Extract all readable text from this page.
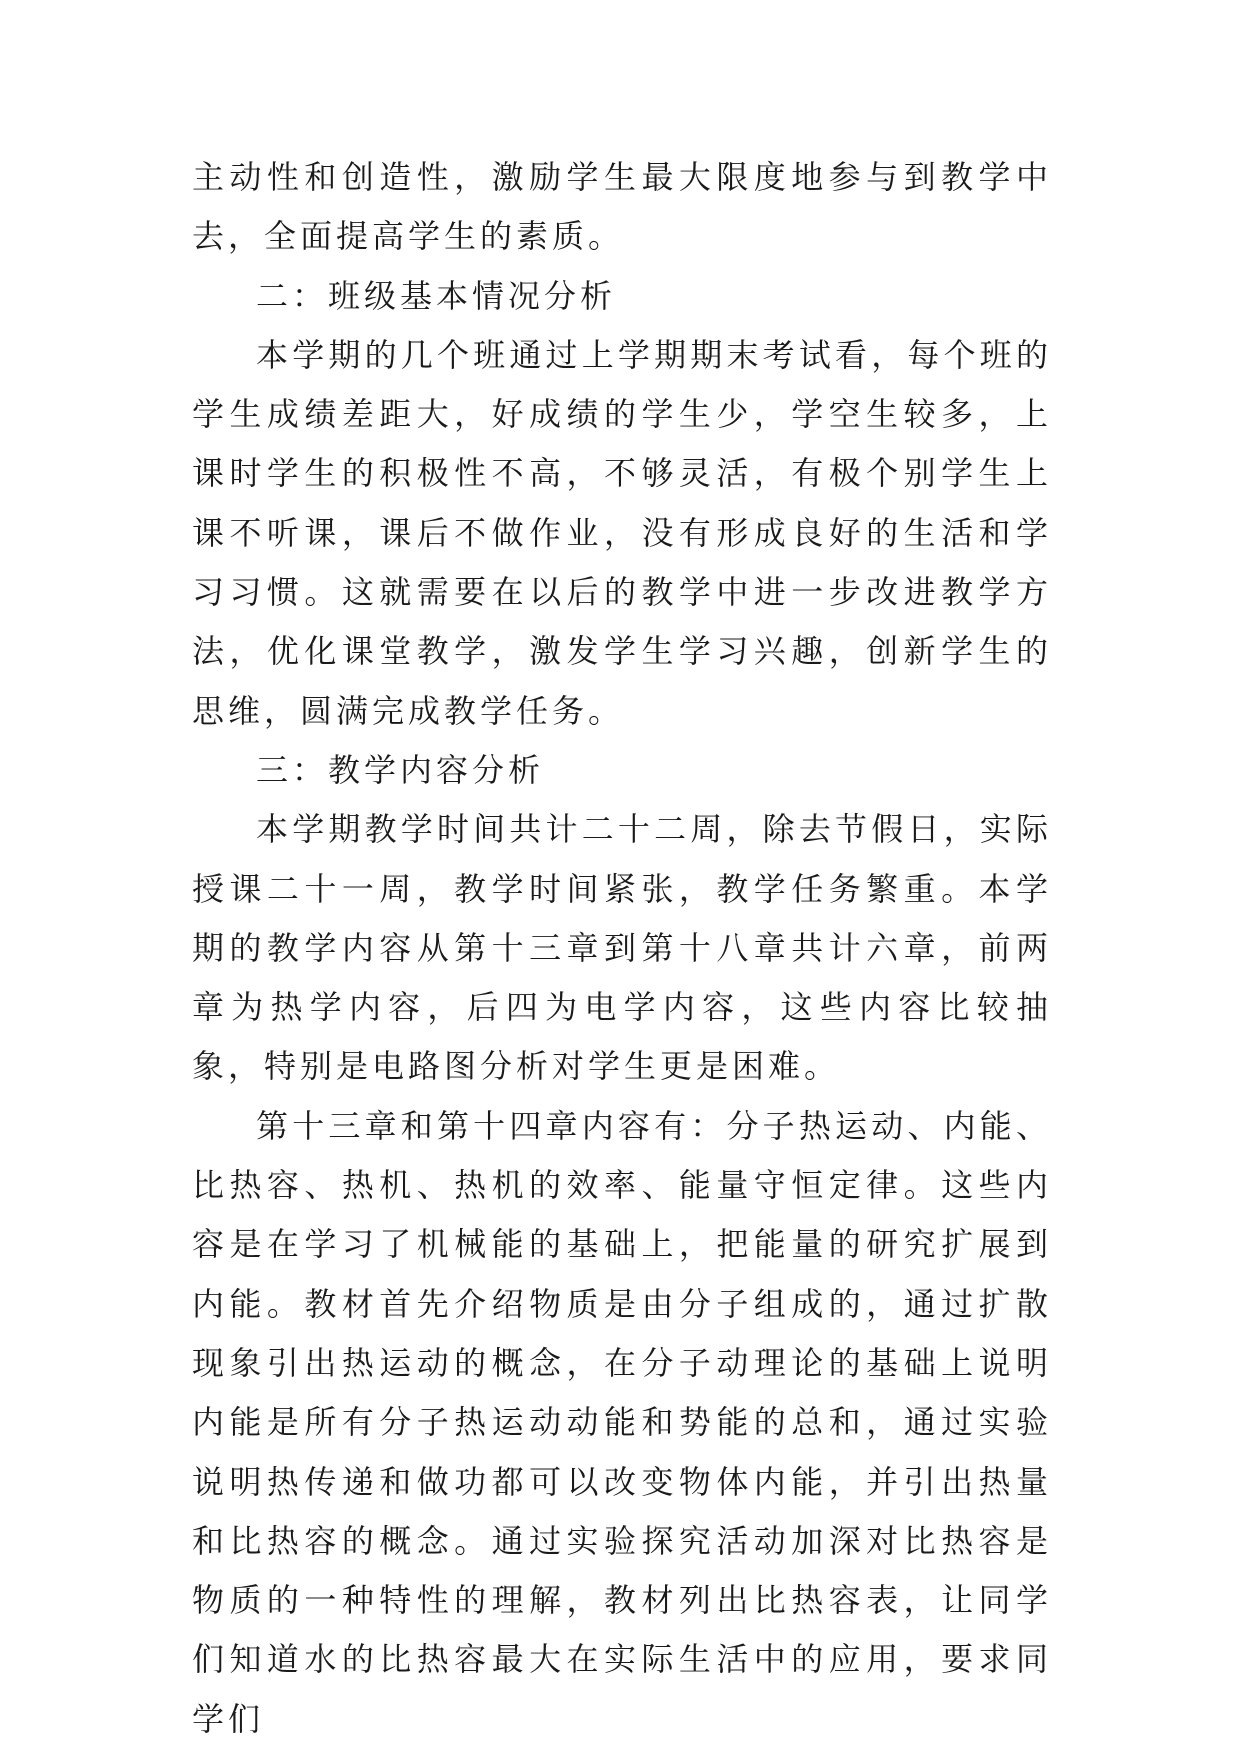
主动性和创造性，激励学生最大限度地参与到教学中去，全面提高学生的素质。

二：班级基本情况分析

本学期的几个班通过上学期期末考试看，每个班的学生成绩差距大，好成绩的学生少，学空生较多，上课时学生的积极性不高，不够灵活，有极个别学生上课不听课，课后不做作业，没有形成良好的生活和学习习惯。这就需要在以后的教学中进一步改进教学方法，优化课堂教学，激发学生学习兴趣，创新学生的思维，圆满完成教学任务。

三：教学内容分析

本学期教学时间共计二十二周，除去节假日，实际授课二十一周，教学时间紧张，教学任务繁重。本学期的教学内容从第十三章到第十八章共计六章，前两章为热学内容，后四为电学内容，这些内容比较抽象，特别是电路图分析对学生更是困难。

第十三章和第十四章内容有：分子热运动、内能、比热容、热机、热机的效率、能量守恒定律。这些内容是在学习了机械能的基础上，把能量的研究扩展到内能。教材首先介绍物质是由分子组成的，通过扩散现象引出热运动的概念，在分子动理论的基础上说明内能是所有分子热运动动能和势能的总和，通过实验说明热传递和做功都可以改变物体内能，并引出热量和比热容的概念。通过实验探究活动加深对比热容是物质的一种特性的理解，教材列出比热容表，让同学们知道水的比热容最大在实际生活中的应用，要求同学们
